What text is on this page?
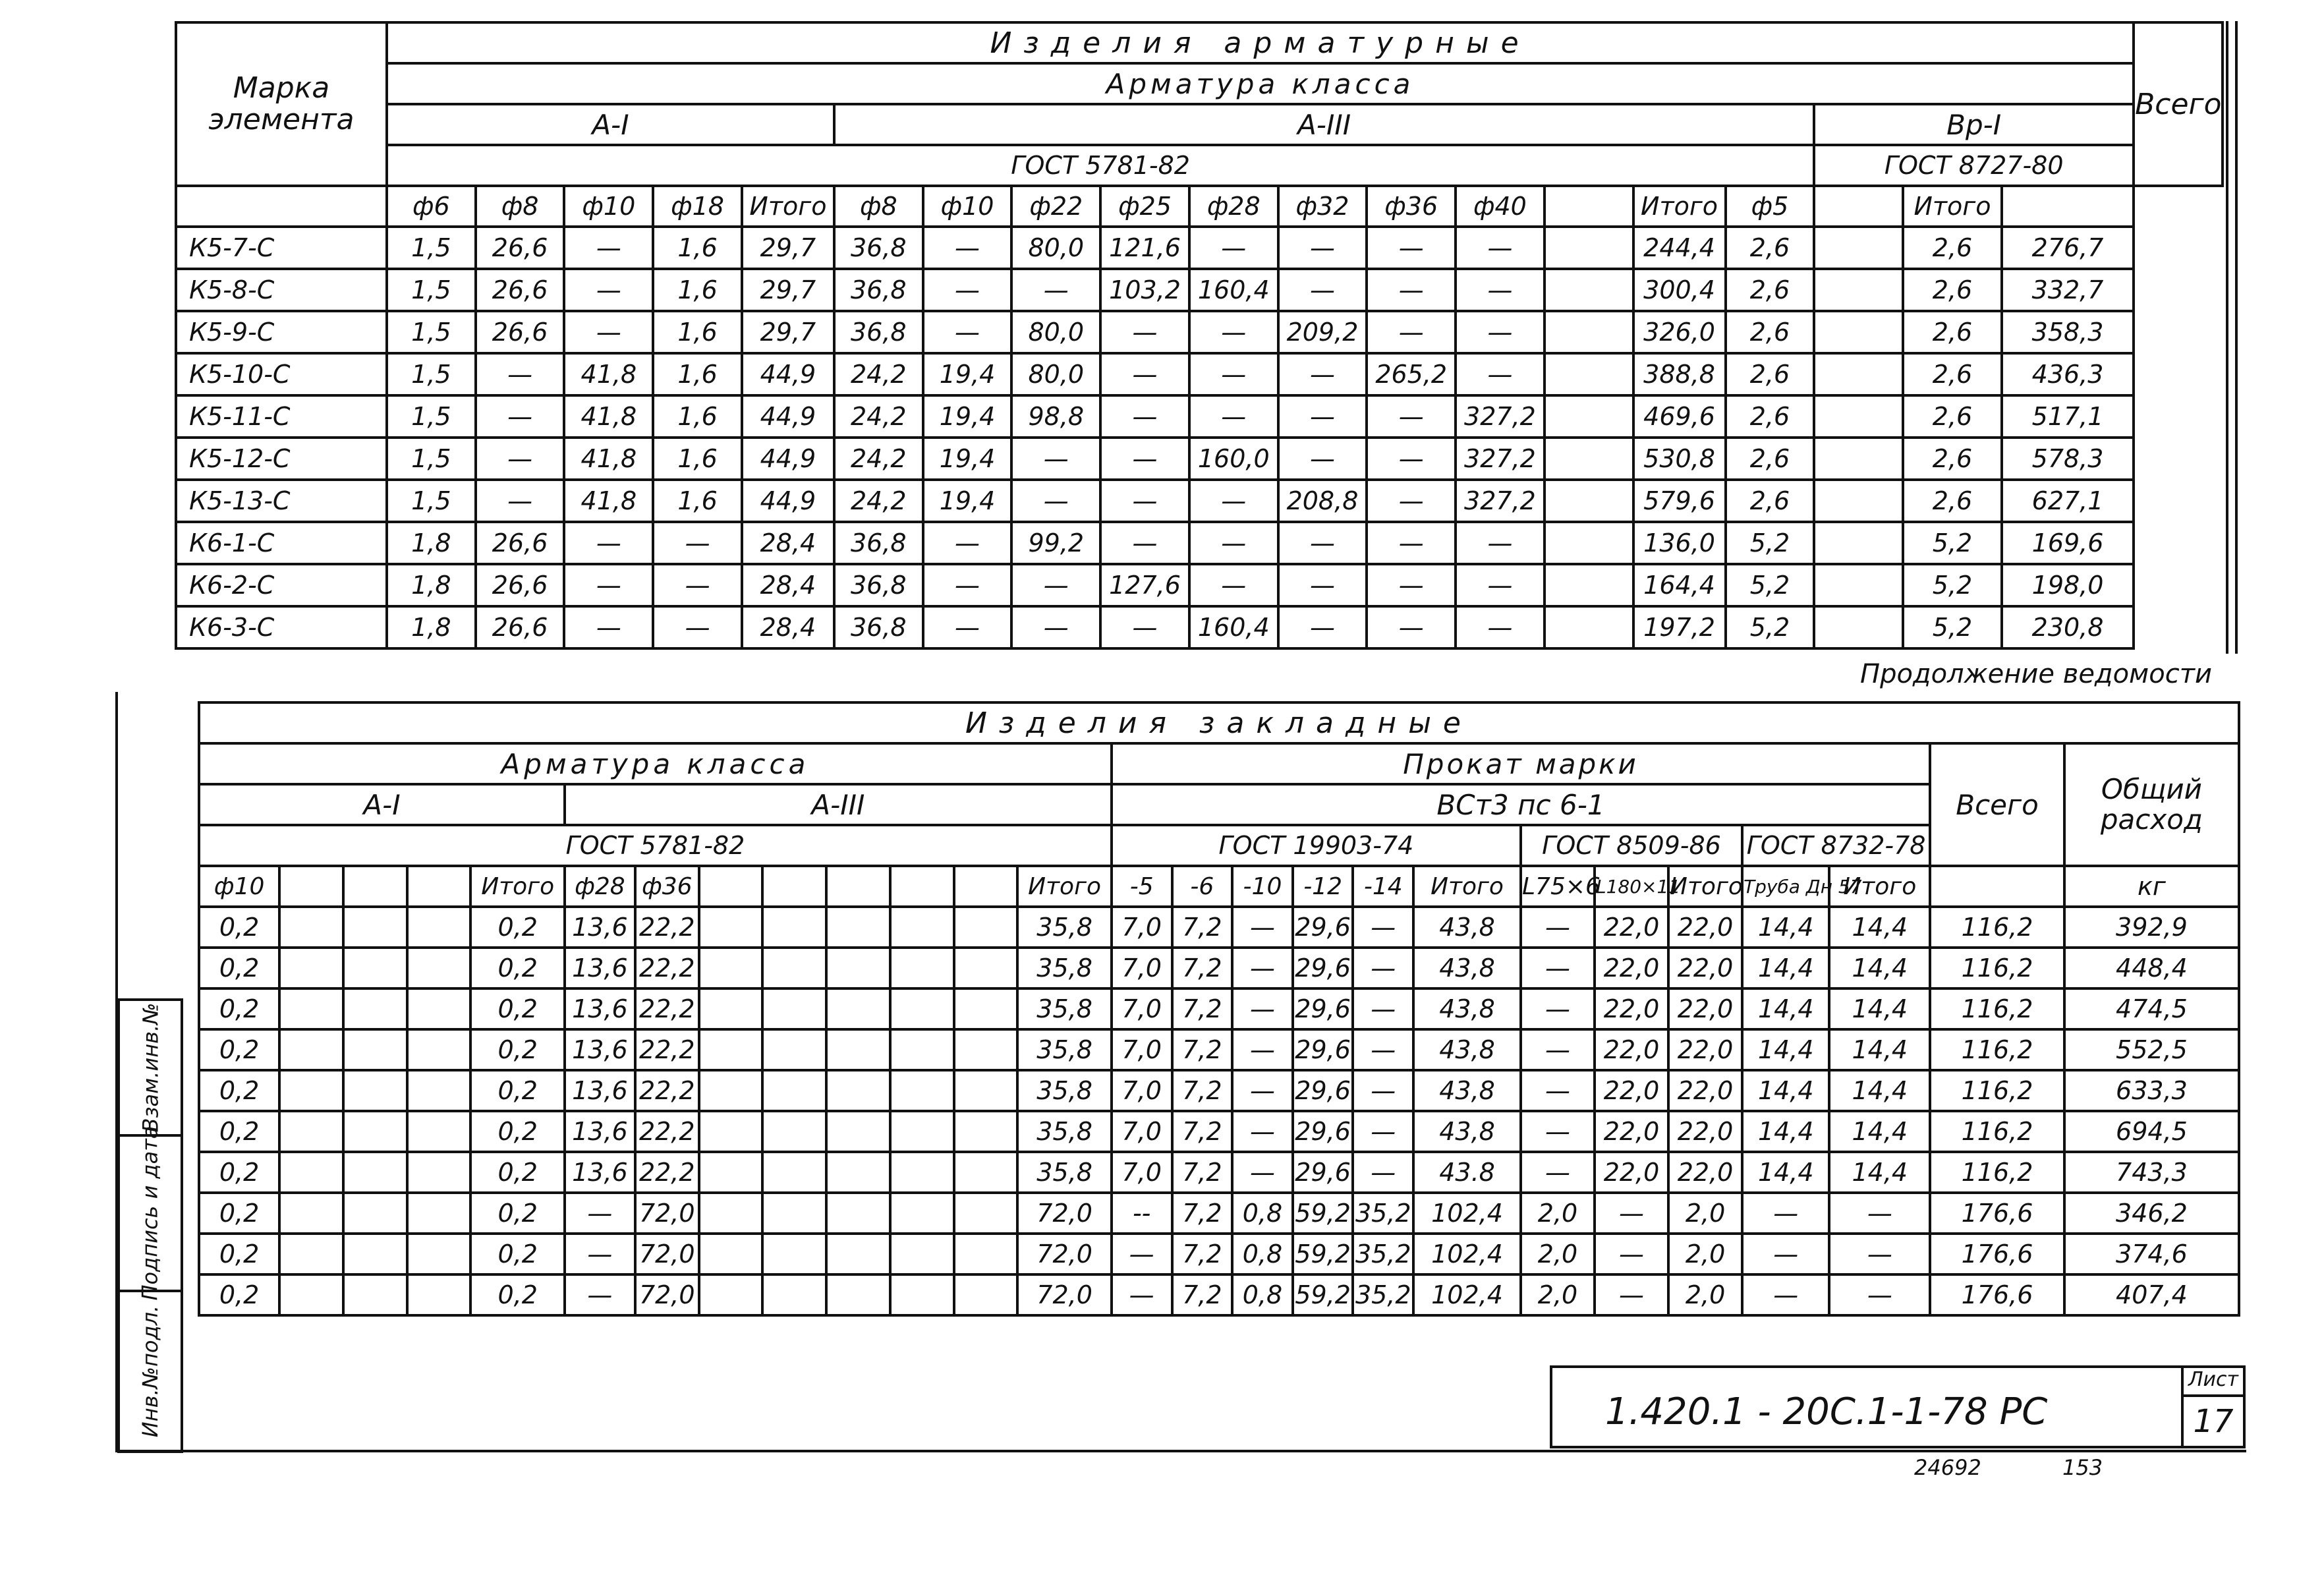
Марка элемента	Изделия арматурные																			Всего
	Арматура класса																			
	A-I					A-III											Bp-I			
	ГОСТ 5781-82																ГОСТ 8727-80			
	ф6	ф8	ф10	ф18	Итого	ф8	ф10	ф22	ф25	ф28	ф32	ф36	ф40		Итого	ф5		Итого		
К5-7-С	1,5	26,6	—	1,6	29,7	36,8	—	80,0	121,6	—	—	—	—		244,4	2,6		2,6	276,7	
К5-8-С	1,5	26,6	—	1,6	29,7	36,8	—	—	103,2	160,4	—	—	—		300,4	2,6		2,6	332,7	
К5-9-С	1,5	26,6	—	1,6	29,7	36,8	—	80,0	—	—	209,2	—	—		326,0	2,6		2,6	358,3	
К5-10-С	1,5	—	41,8	1,6	44,9	24,2	19,4	80,0	—	—	—	265,2	—		388,8	2,6		2,6	436,3	
К5-11-С	1,5	—	41,8	1,6	44,9	24,2	19,4	98,8	—	—	—	—	327,2		469,6	2,6		2,6	517,1	
К5-12-С	1,5	—	41,8	1,6	44,9	24,2	19,4	—	—	160,0	—	—	327,2		530,8	2,6		2,6	578,3	
К5-13-С	1,5	—	41,8	1,6	44,9	24,2	19,4	—	—	—	208,8	—	327,2		579,6	2,6		2,6	627,1	
К6-1-С	1,8	26,6	—	—	28,4	36,8	—	99,2	—	—	—	—	—		136,0	5,2		5,2	169,6	
К6-2-С	1,8	26,6	—	—	28,4	36,8	—	—	127,6	—	—	—	—		164,4	5,2		5,2	198,0	
К6-3-С	1,8	26,6	—	—	28,4	36,8	—	—	—	160,4	—	—	—		197,2	5,2		5,2	230,8	
Продолжение ведомости
Изделия закладные																									
Арматура класса													Прокат марки											Всего	Общий расход
A-I					A-III								ВСт3 пс 6-1												
ГОСТ 5781-82													ГОСТ 19903-74						ГОСТ 8509-86			ГОСТ 8732-78			
ф10				Итого	ф28	ф36						Итого	-5	-6	-10	-12	-14	Итого	L75×6	L180×11	Итого	Труба Дн 57	Итого		кг
0,2				0,2	13,6	22,2						35,8	7,0	7,2	—	29,6	—	43,8	—	22,0	22,0	14,4	14,4	116,2	392,9
0,2				0,2	13,6	22,2						35,8	7,0	7,2	—	29,6	—	43,8	—	22,0	22,0	14,4	14,4	116,2	448,4
0,2				0,2	13,6	22,2						35,8	7,0	7,2	—	29,6	—	43,8	—	22,0	22,0	14,4	14,4	116,2	474,5
0,2				0,2	13,6	22,2						35,8	7,0	7,2	—	29,6	—	43,8	—	22,0	22,0	14,4	14,4	116,2	552,5
0,2				0,2	13,6	22,2						35,8	7,0	7,2	—	29,6	—	43,8	—	22,0	22,0	14,4	14,4	116,2	633,3
0,2				0,2	13,6	22,2						35,8	7,0	7,2	—	29,6	—	43,8	—	22,0	22,0	14,4	14,4	116,2	694,5
0,2				0,2	13,6	22,2						35,8	7,0	7,2	—	29,6	—	43.8	—	22,0	22,0	14,4	14,4	116,2	743,3
0,2				0,2	—	72,0						72,0	--	7,2	0,8	59,2	35,2	102,4	2,0	—	2,0	—	—	176,6	346,2
0,2				0,2	—	72,0						72,0	—	7,2	0,8	59,2	35,2	102,4	2,0	—	2,0	—	—	176,6	374,6
0,2				0,2	—	72,0						72,0	—	7,2	0,8	59,2	35,2	102,4	2,0	—	2,0	—	—	176,6	407,4
Взам.инв.№
Подпись и дата
Инв.№подл.	1.420.1 - 20С.1-1-78 РС
Лист
17
24692	153
